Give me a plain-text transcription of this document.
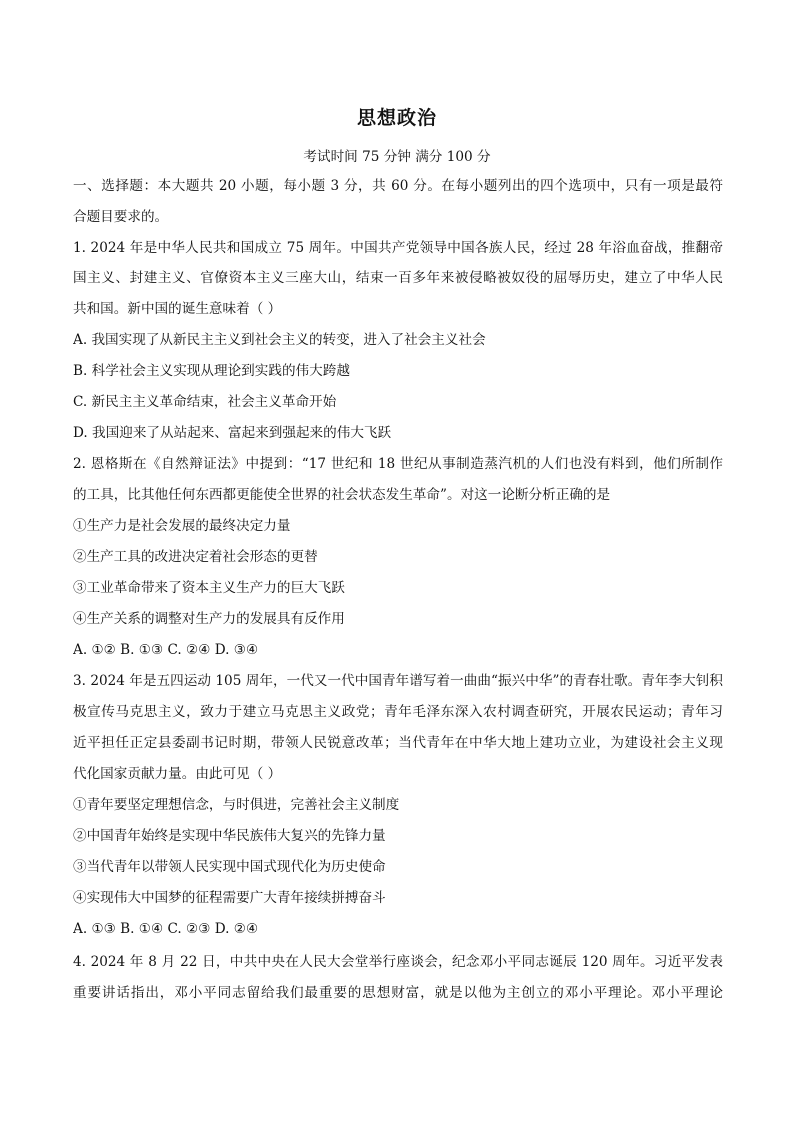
思想政治
考试时间 75 分钟 满分 100 分
一、选择题：本大题共 20 小题，每小题 3 分，共 60 分。在每小题列出的四个选项中，只有一项是最符
合题目要求的。
1. 2024 年是中华人民共和国成立 75 周年。中国共产党领导中国各族人民，经过 28 年浴血奋战，推翻帝
国主义、封建主义、官僚资本主义三座大山，结束一百多年来被侵略被奴役的屈辱历史，建立了中华人民
共和国。新中国的诞生意味着（ ）
A. 我国实现了从新民主主义到社会主义的转变，进入了社会主义社会
B. 科学社会主义实现从理论到实践的伟大跨越
C. 新民主主义革命结束，社会主义革命开始
D. 我国迎来了从站起来、富起来到强起来的伟大飞跃
2. 恩格斯在《自然辩证法》中提到：“17 世纪和 18 世纪从事制造蒸汽机的人们也没有料到，他们所制作
的工具，比其他任何东西都更能使全世界的社会状态发生革命”。对这一论断分析正确的是
①生产力是社会发展的最终决定力量
②生产工具的改进决定着社会形态的更替
③工业革命带来了资本主义生产力的巨大飞跃
④生产关系的调整对生产力的发展具有反作用
A. ①② B. ①③ C. ②④ D. ③④
3. 2024 年是五四运动 105 周年，一代又一代中国青年谱写着一曲曲“振兴中华”的青春壮歌。青年李大钊积
极宣传马克思主义，致力于建立马克思主义政党；青年毛泽东深入农村调查研究，开展农民运动；青年习
近平担任正定县委副书记时期，带领人民锐意改革；当代青年在中华大地上建功立业，为建设社会主义现
代化国家贡献力量。由此可见（ ）
①青年要坚定理想信念，与时俱进，完善社会主义制度
②中国青年始终是实现中华民族伟大复兴的先锋力量
③当代青年以带领人民实现中国式现代化为历史使命
④实现伟大中国梦的征程需要广大青年接续拼搏奋斗
A. ①③ B. ①④ C. ②③ D. ②④
4. 2024 年 8 月 22 日，中共中央在人民大会堂举行座谈会，纪念邓小平同志诞辰 120 周年。习近平发表
重要讲话指出，邓小平同志留给我们最重要的思想财富，就是以他为主创立的邓小平理论。邓小平理论
